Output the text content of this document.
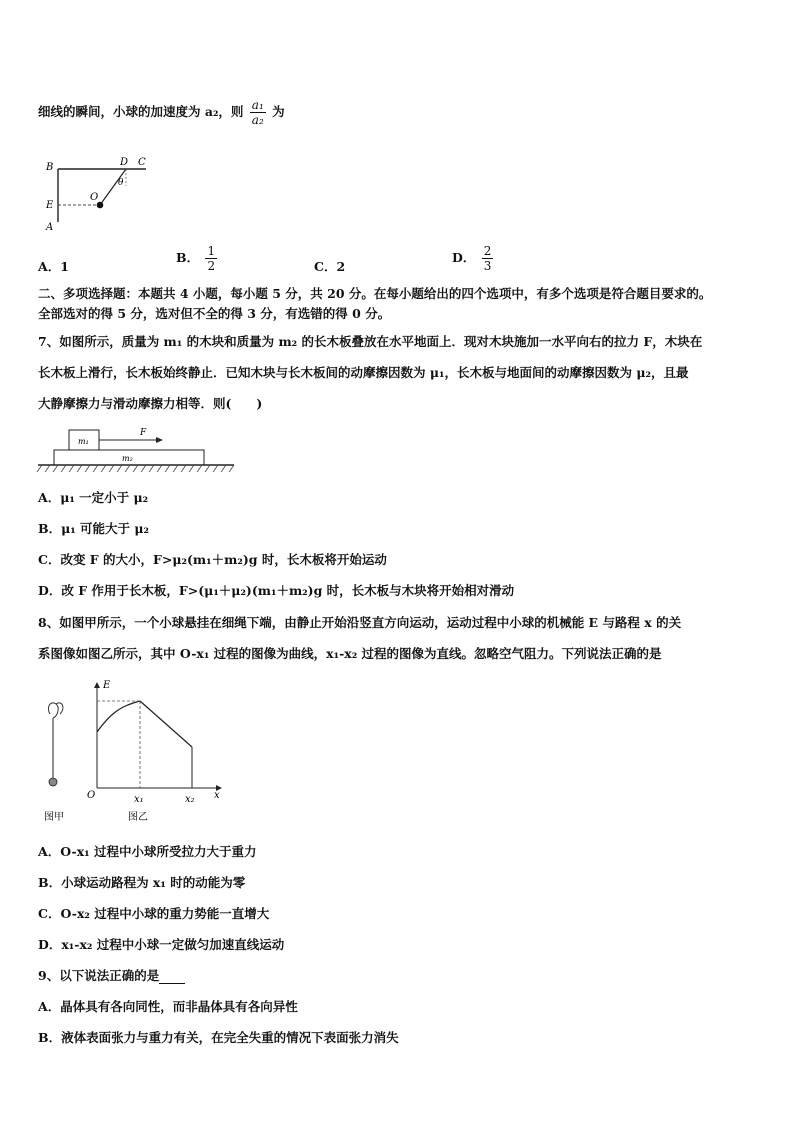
细线的瞬间，小球的加速度为 a₂，则 $\frac{\text{a₁}}{\text{a₂}}$ 为
B	D C
θ
O
E
A
A．1
B． $\frac{1}{2}$	C．2
D． $\frac{2}{3}$
二、多项选择题：本题共 4 小题，每小题 5 分，共 20 分。在每小题给出的四个选项中，有多个选项是符合题目要求的。
全部选对的得 5 分，选对但不全的得 3 分，有选错的得 0 分。
7、如图所示，质量为 m₁ 的木块和质量为 m₂ 的长木板叠放在水平地面上．现对木块施加一水平向右的拉力 F，木块在
长木板上滑行，长木板始终静止．已知木块与长木板间的动摩擦因数为 μ₁，长木板与地面间的动摩擦因数为 μ₂，且最
大静摩擦力与滑动摩擦力相等．则(　　)
m₁
m₂
F
A．μ₁ 一定小于 μ₂
B．μ₁ 可能大于 μ₂
C．改变 F 的大小，F>μ₂(m₁＋m₂)g 时，长木板将开始运动
D．改 F 作用于长木板，F>(μ₁＋μ₂)(m₁＋m₂)g 时，长木板与木块将开始相对滑动
8、如图甲所示，一个小球悬挂在细绳下端，由静止开始沿竖直方向运动，运动过程中小球的机械能 E 与路程 x 的关
系图像如图乙所示，其中 O-x₁ 过程的图像为曲线，x₁-x₂ 过程的图像为直线。忽略空气阻力。下列说法正确的是
图甲
E
O	x₁	x₂ x
图乙
A．O-x₁ 过程中小球所受拉力大于重力
B．小球运动路程为 x₁ 时的动能为零
C．O-x₂ 过程中小球的重力势能一直增大
D．x₁-x₂ 过程中小球一定做匀加速直线运动
9、以下说法正确的是
A．晶体具有各向同性，而非晶体具有各向异性
B．液体表面张力与重力有关，在完全失重的情况下表面张力消失
